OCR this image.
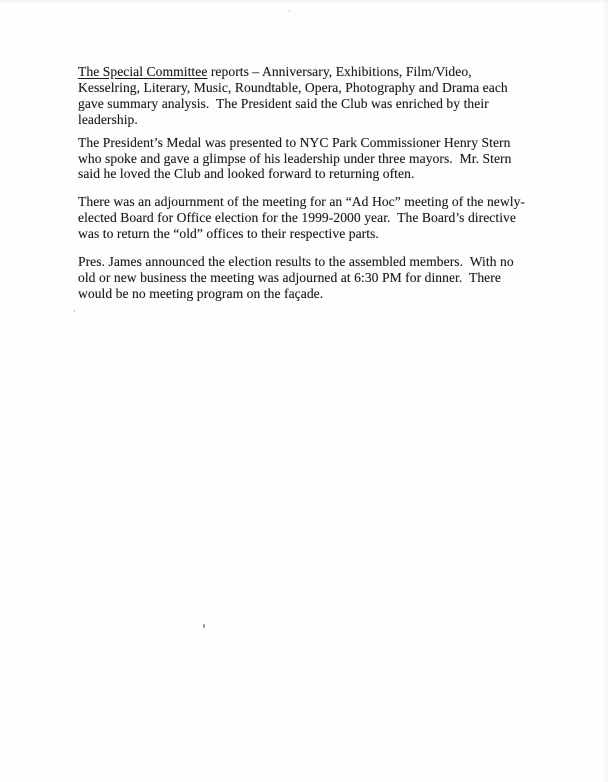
The Special Committee reports – Anniversary, Exhibitions, Film/Video,
Kesselring, Literary, Music, Roundtable, Opera, Photography and Drama each
gave summary analysis.  The President said the Club was enriched by their
leadership.
The President’s Medal was presented to NYC Park Commissioner Henry Stern
who spoke and gave a glimpse of his leadership under three mayors.  Mr. Stern
said he loved the Club and looked forward to returning often.
There was an adjournment of the meeting for an “Ad Hoc” meeting of the newly-
elected Board for Office election for the 1999-2000 year.  The Board’s directive
was to return the “old” offices to their respective parts.
Pres. James announced the election results to the assembled members.  With no
old or new business the meeting was adjourned at 6:30 PM for dinner.  There
would be no meeting program on the façade.
